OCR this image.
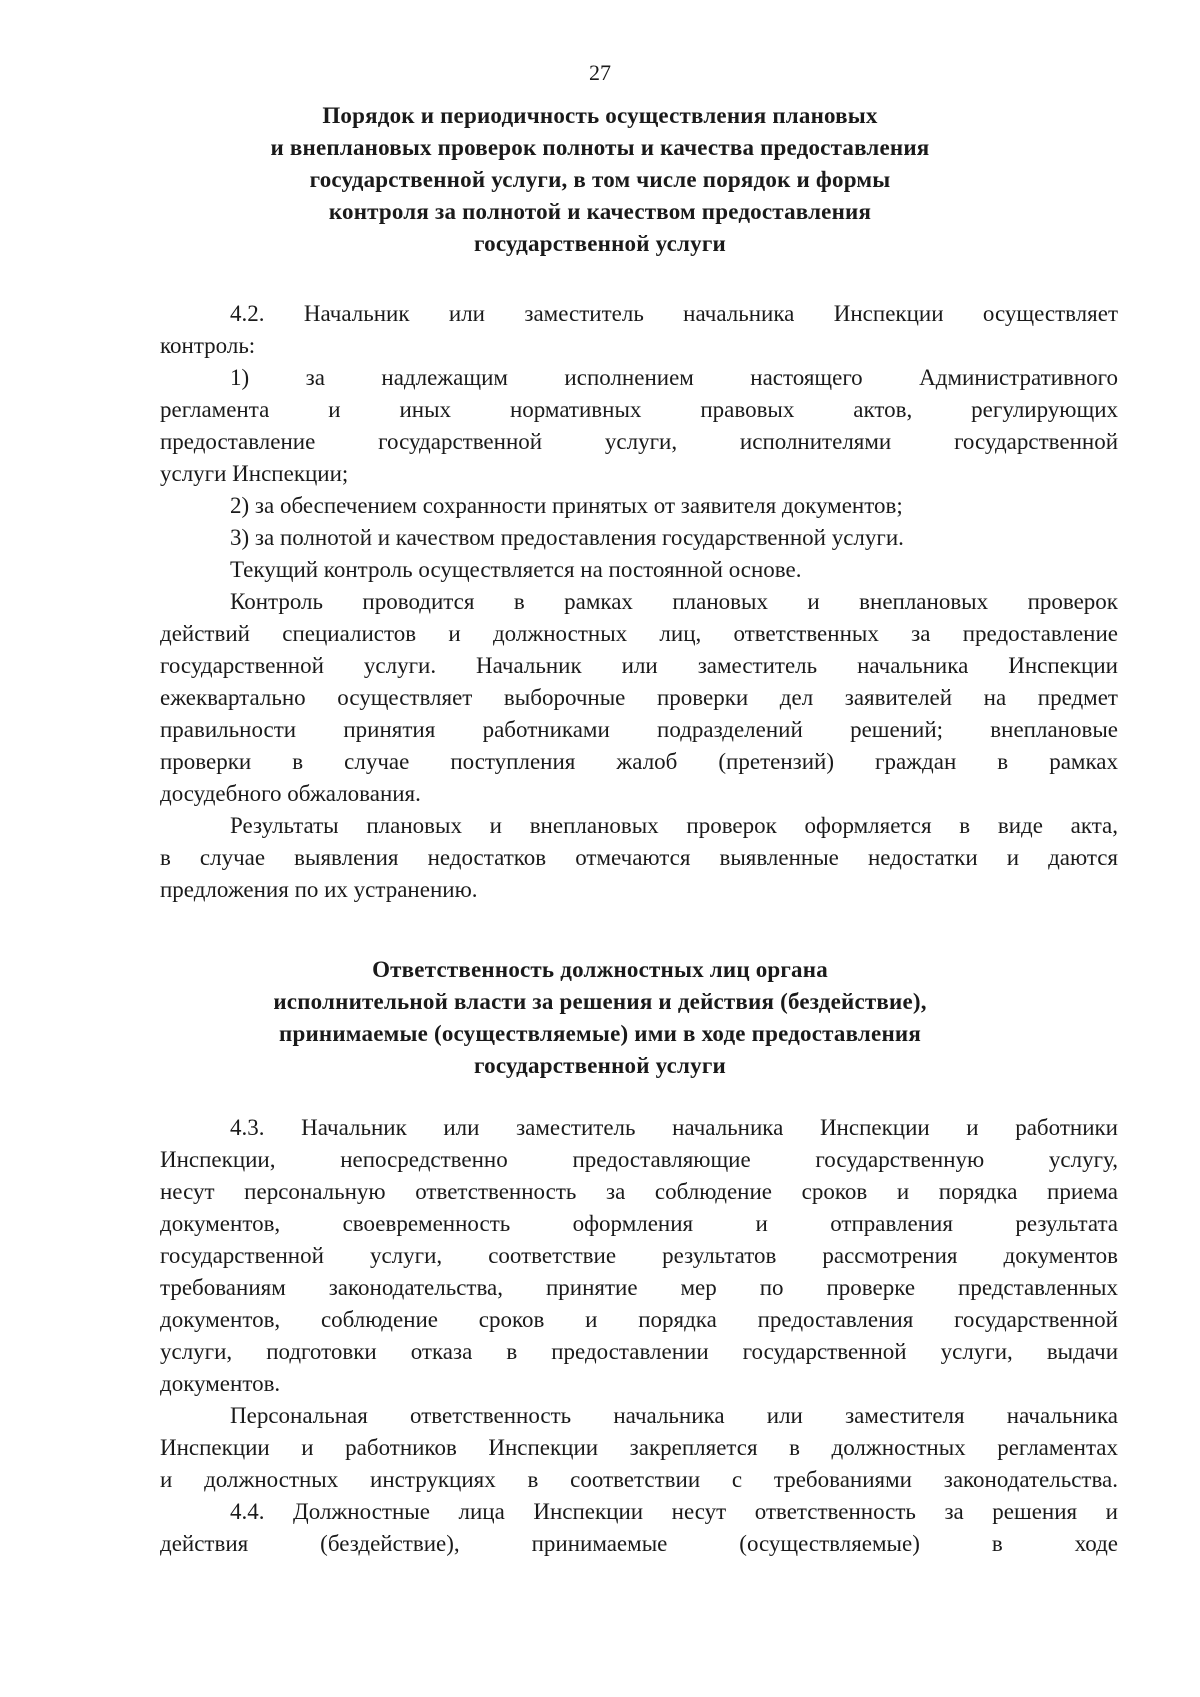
27
Порядок и периодичность осуществления плановых
и внеплановых проверок полноты и качества предоставления
государственной услуги, в том числе порядок и формы
контроля за полнотой и качеством предоставления
государственной услуги
4.2. Начальник или заместитель начальника Инспекции осуществляет
контроль:
1) за надлежащим исполнением настоящего Административного
регламента и иных нормативных правовых актов, регулирующих
предоставление государственной услуги, исполнителями государственной
услуги Инспекции;
2) за обеспечением сохранности принятых от заявителя документов;
3) за полнотой и качеством предоставления государственной услуги.
Текущий контроль осуществляется на постоянной основе.
Контроль проводится в рамках плановых и внеплановых проверок
действий специалистов и должностных лиц, ответственных за предоставление
государственной услуги. Начальник или заместитель начальника Инспекции
ежеквартально осуществляет выборочные проверки дел заявителей на предмет
правильности принятия работниками подразделений решений; внеплановые
проверки в случае поступления жалоб (претензий) граждан в рамках
досудебного обжалования.
Результаты плановых и внеплановых проверок оформляется в виде акта,
в случае выявления недостатков отмечаются выявленные недостатки и даются
предложения по их устранению.
Ответственность должностных лиц органа
исполнительной власти за решения и действия (бездействие),
принимаемые (осуществляемые) ими в ходе предоставления
государственной услуги
4.3. Начальник или заместитель начальника Инспекции и работники
Инспекции, непосредственно предоставляющие государственную услугу,
несут персональную ответственность за соблюдение сроков и порядка приема
документов, своевременность оформления и отправления результата
государственной услуги, соответствие результатов рассмотрения документов
требованиям законодательства, принятие мер по проверке представленных
документов, соблюдение сроков и порядка предоставления государственной
услуги, подготовки отказа в предоставлении государственной услуги, выдачи
документов.
Персональная ответственность начальника или заместителя начальника
Инспекции и работников Инспекции закрепляется в должностных регламентах
и должностных инструкциях в соответствии с требованиями законодательства.
4.4. Должностные лица Инспекции несут ответственность за решения и
действия (бездействие), принимаемые (осуществляемые) в ходе
